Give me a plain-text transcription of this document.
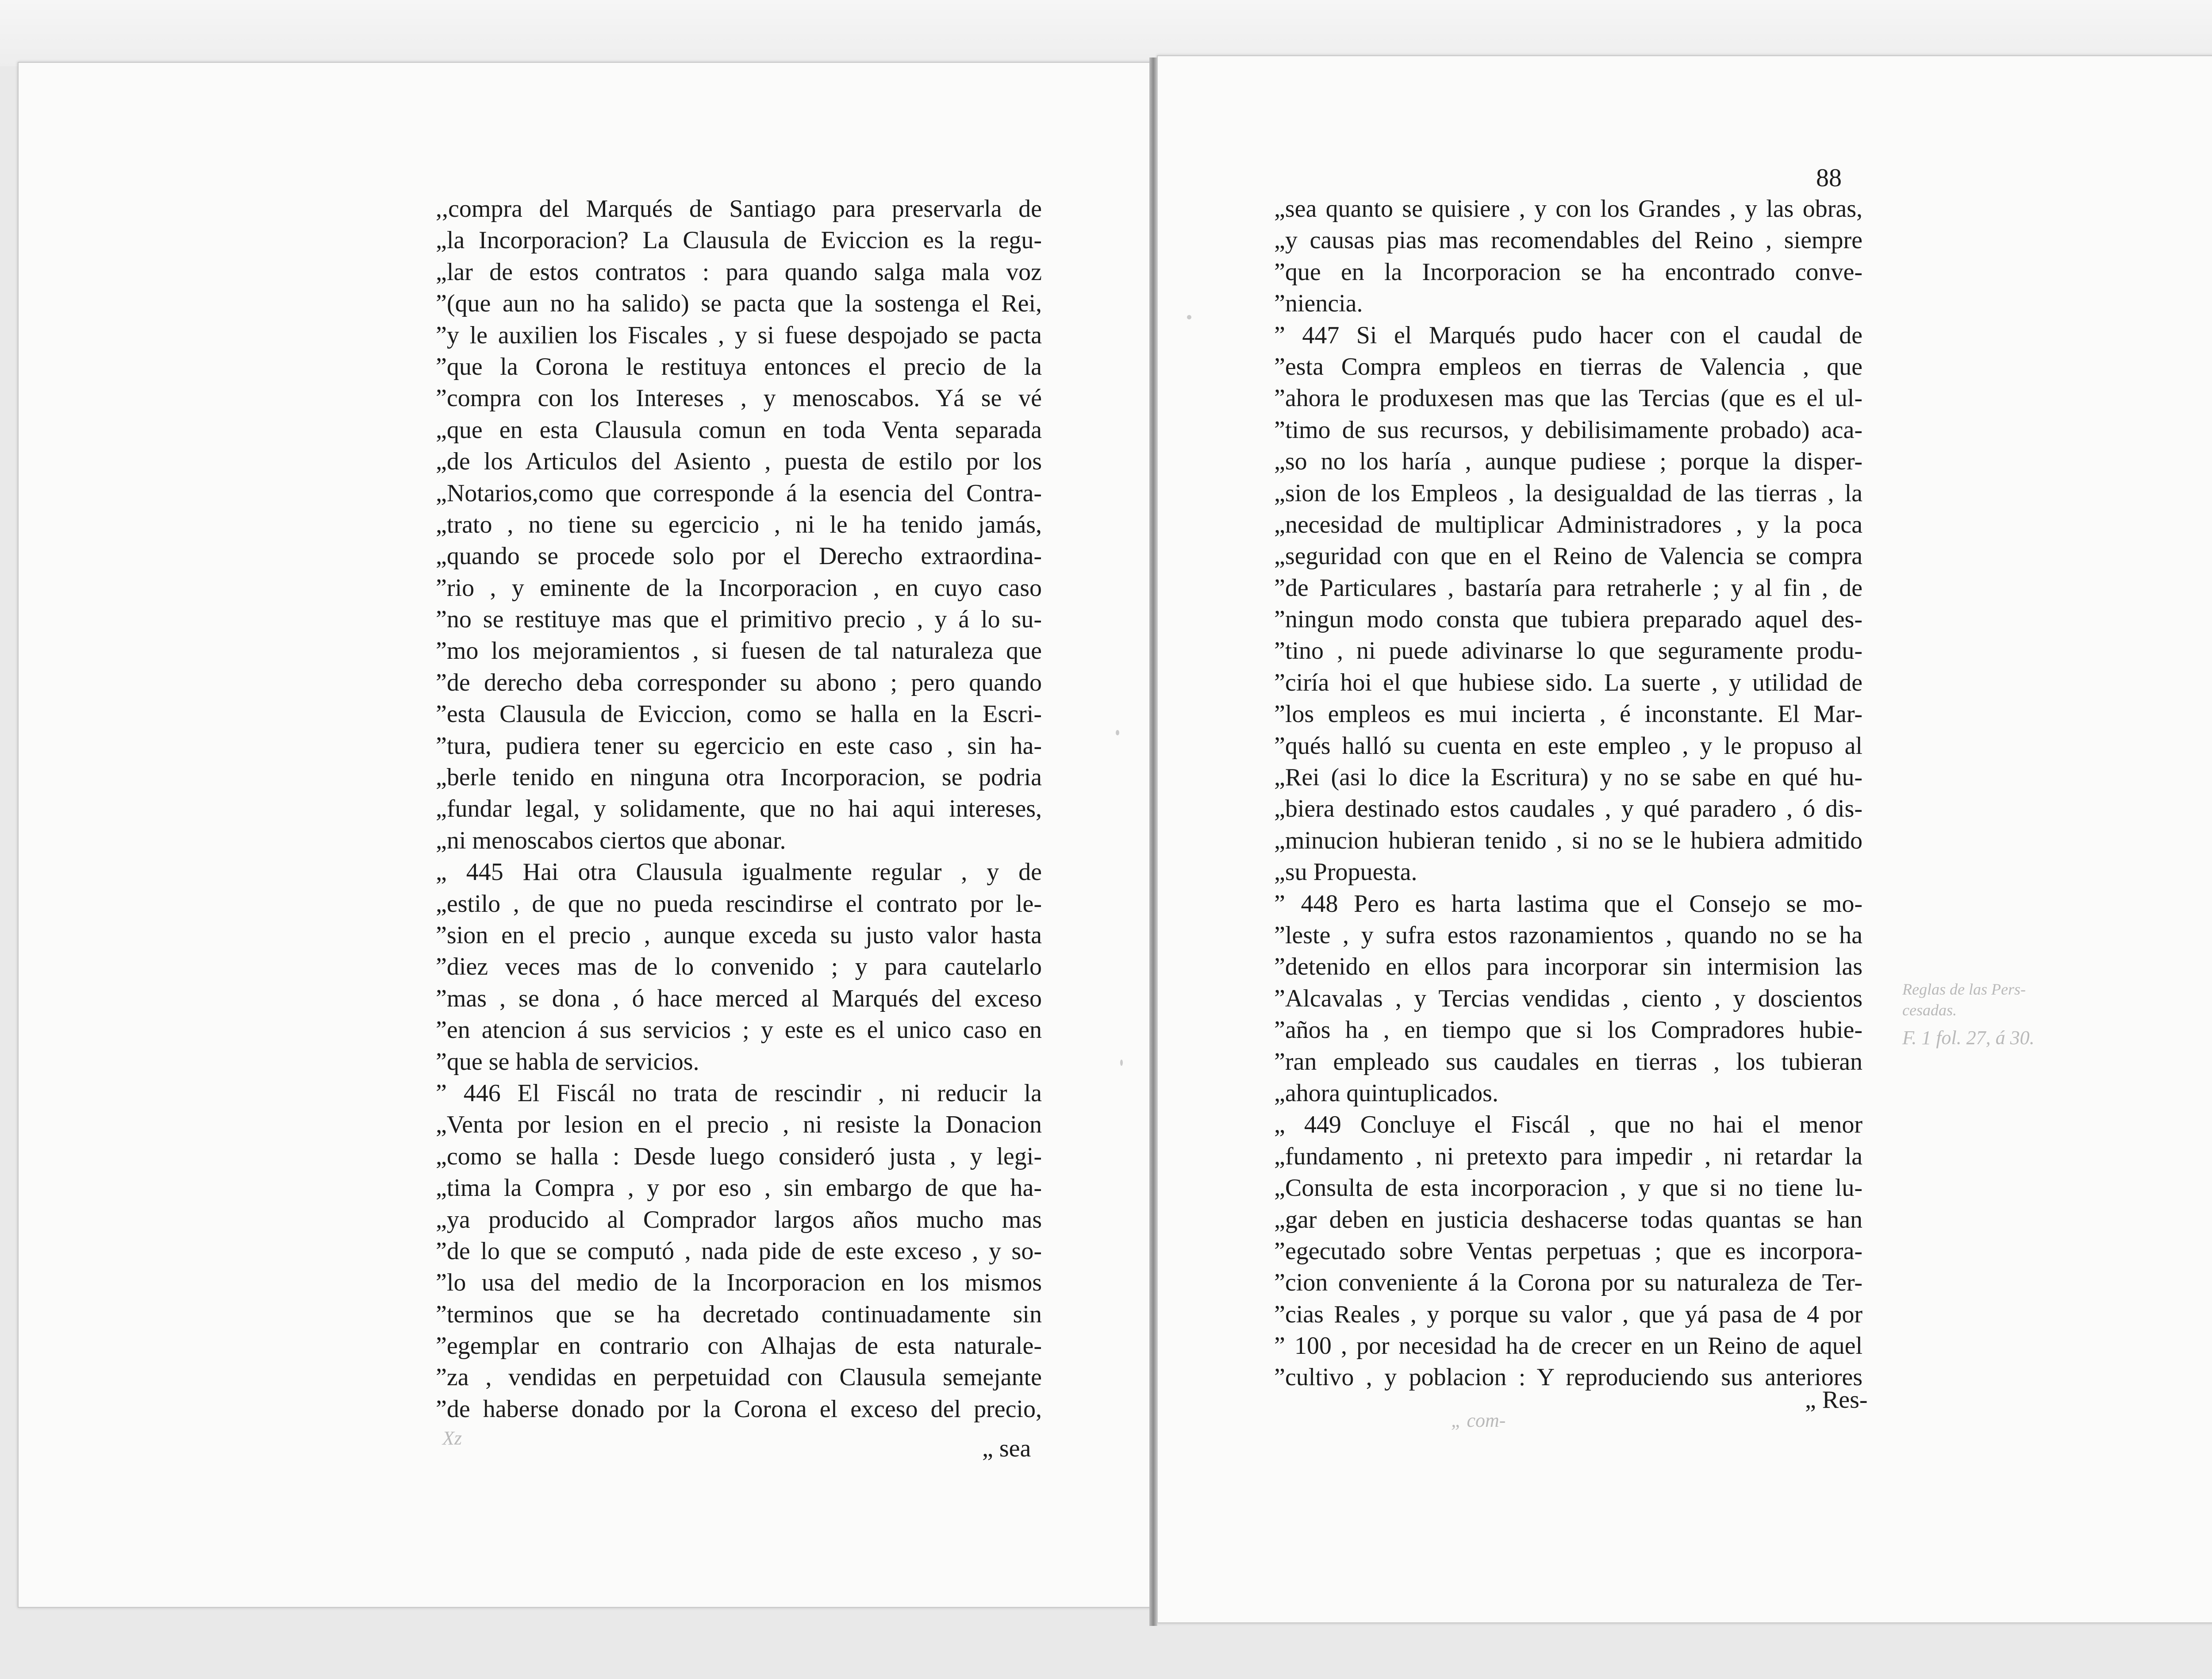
„ com-
Xz
Reglas de las Pers-
cesadas.
F. 1 fol. 27, á 30.
88
,,compra del Marqués de Santiago para preservarla de
„la Incorporacion? La Clausula de Eviccion es la regu-
„lar de estos contratos : para quando salga mala voz
”(que aun no ha salido) se pacta que la sostenga el Rei,
”y le auxilien los Fiscales , y si fuese despojado se pacta
”que la Corona le restituya entonces el precio de la
”compra con los Intereses , y menoscabos. Yá se vé
„que en esta Clausula comun en toda Venta separada
„de los Articulos del Asiento , puesta de estilo por los
„Notarios,como que corresponde á la esencia del Contra-
„trato , no tiene su egercicio , ni le ha tenido jamás,
„quando se procede solo por el Derecho extraordina-
”rio , y eminente de la Incorporacion , en cuyo caso
”no se restituye mas que el primitivo precio , y á lo su-
”mo los mejoramientos , si fuesen de tal naturaleza que
”de derecho deba corresponder su abono ; pero quando
”esta Clausula de Eviccion, como se halla en la Escri-
”tura, pudiera tener su egercicio en este caso , sin ha-
„berle tenido en ninguna otra Incorporacion, se podria
„fundar legal, y solidamente, que no hai aqui intereses,
„ni menoscabos ciertos que abonar.
„ 445 Hai otra Clausula igualmente regular , y de
„estilo , de que no pueda rescindirse el contrato por le-
”sion en el precio , aunque exceda su justo valor hasta
”diez veces mas de lo convenido ; y para cautelarlo
”mas , se dona , ó hace merced al Marqués del exceso
”en atencion á sus servicios ; y este es el unico caso en
”que se habla de servicios.
” 446 El Fiscál no trata de rescindir , ni reducir la
„Venta por lesion en el precio , ni resiste la Donacion
„como se halla : Desde luego consideró justa , y legi-
„tima la Compra , y por eso , sin embargo de que ha-
„ya producido al Comprador largos años mucho mas
”de lo que se computó , nada pide de este exceso , y so-
”lo usa del medio de la Incorporacion en los mismos
”terminos que se ha decretado continuadamente sin
”egemplar en contrario con Alhajas de esta naturale-
”za , vendidas en perpetuidad con Clausula semejante
”de haberse donado por la Corona el exceso del precio,
„ sea
„sea quanto se quisiere , y con los Grandes , y las obras,
„y causas pias mas recomendables del Reino , siempre
”que en la Incorporacion se ha encontrado conve-
”niencia.
” 447 Si el Marqués pudo hacer con el caudal de
”esta Compra empleos en tierras de Valencia , que
”ahora le produxesen mas que las Tercias (que es el ul-
”timo de sus recursos, y debilisimamente probado) aca-
„so no los haría , aunque pudiese ; porque la disper-
„sion de los Empleos , la desigualdad de las tierras , la
„necesidad de multiplicar Administradores , y la poca
„seguridad con que en el Reino de Valencia se compra
”de Particulares , bastaría para retraherle ; y al fin , de
”ningun modo consta que tubiera preparado aquel des-
”tino , ni puede adivinarse lo que seguramente produ-
”ciría hoi el que hubiese sido. La suerte , y utilidad de
”los empleos es mui incierta , é inconstante. El Mar-
”qués halló su cuenta en este empleo , y le propuso al
„Rei (asi lo dice la Escritura) y no se sabe en qué hu-
„biera destinado estos caudales , y qué paradero , ó dis-
„minucion hubieran tenido , si no se le hubiera admitido
„su Propuesta.
” 448 Pero es harta lastima que el Consejo se mo-
”leste , y sufra estos razonamientos , quando no se ha
”detenido en ellos para incorporar sin intermision las
”Alcavalas , y Tercias vendidas , ciento , y doscientos
”años ha , en tiempo que si los Compradores hubie-
”ran empleado sus caudales en tierras , los tubieran
„ahora quintuplicados.
„ 449 Concluye el Fiscál , que no hai el menor
„fundamento , ni pretexto para impedir , ni retardar la
„Consulta de esta incorporacion , y que si no tiene lu-
„gar deben en justicia deshacerse todas quantas se han
”egecutado sobre Ventas perpetuas ; que es incorpora-
”cion conveniente á la Corona por su naturaleza de Ter-
”cias Reales , y porque su valor , que yá pasa de 4 por
” 100 , por necesidad ha de crecer en un Reino de aquel
”cultivo , y poblacion : Y reproduciendo sus anteriores
„ Res-
